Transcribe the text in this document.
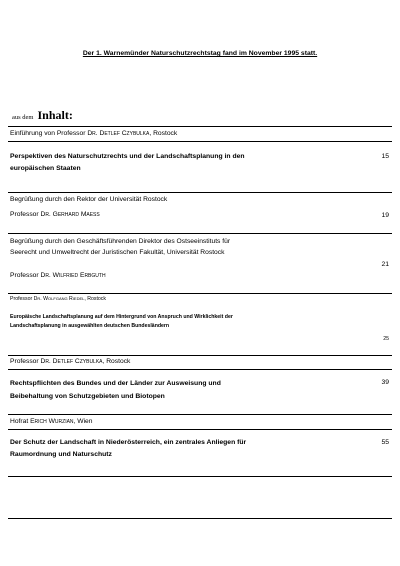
Der 1. Warnemünder Naturschutzrechtstag fand im November 1995 statt.
aus dem Inhalt:
Einführung von Professor Dr. Detlef Czybulka, Rostock
Perspektiven des Naturschutzrechts und der Landschaftsplanung in den
europäischen Staaten
15
Begrüßung durch den Rektor der Universität Rostock
Professor Dr. Gerhard Maeß	19
Begrüßung durch den Geschäftsführenden Direktor des Ostseeinstituts für
Seerecht und Umweltrecht der Juristischen Fakultät, Universität Rostock
Professor Dr. Wilfried Erbguth
21
Professor Dr. Wolfgang Riedel, Rostock
Europäische Landschaftsplanung auf dem Hintergrund von Anspruch und Wirklichkeit der
Landschaftsplanung in ausgewählten deutschen Bundesländern
25
Professor Dr. Detlef Czybulka, Rostock
Rechtspflichten des Bundes und der Länder zur Ausweisung und
Beibehaltung von Schutzgebieten und Biotopen
39
Hofrat Erich Wurzian, Wien
Der Schutz der Landschaft in Niederösterreich, ein zentrales Anliegen für
Raumordnung und Naturschutz
55
